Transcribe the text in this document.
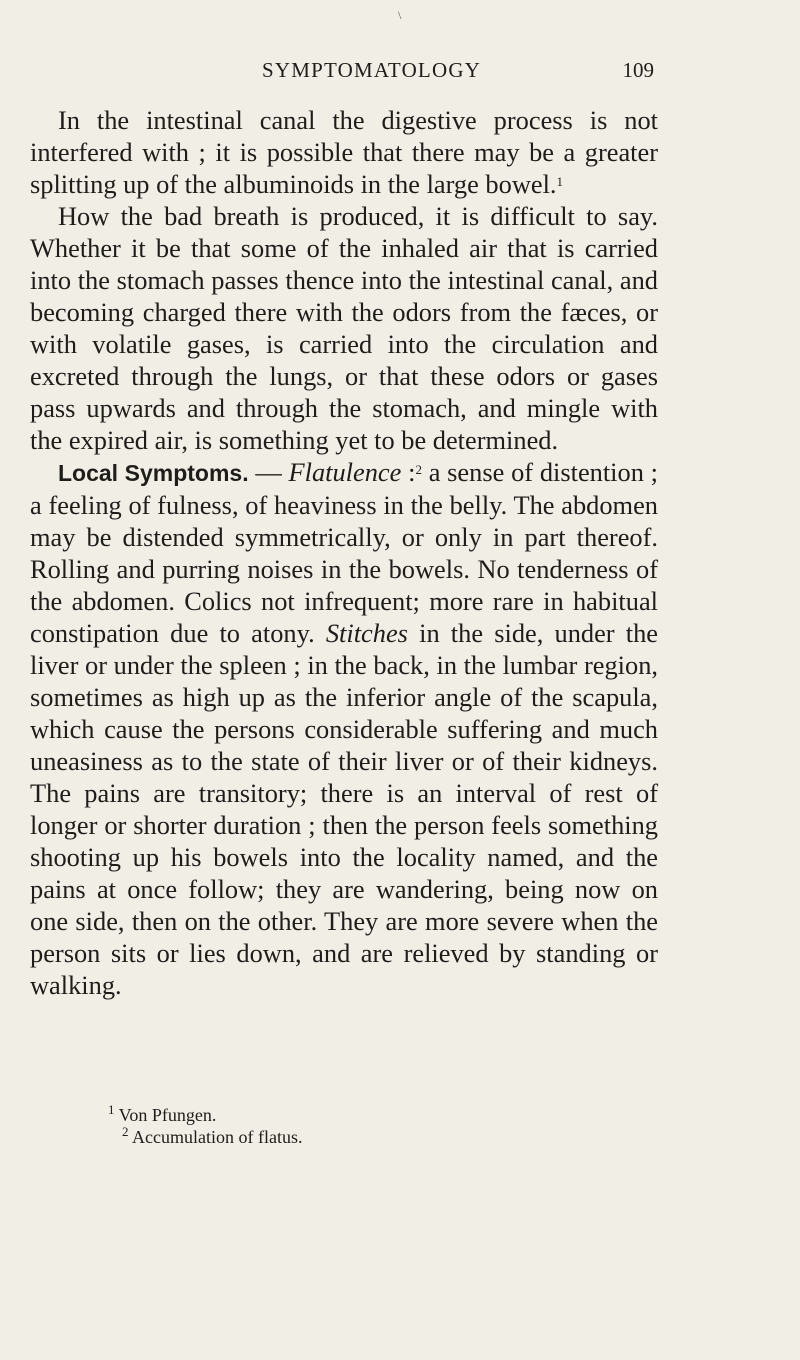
\
SYMPTOMATOLOGY	109

In the intestinal canal the digestive process is not interfered with ; it is possible that there may be a greater splitting up of the albuminoids in the large bowel.$^1$

How the bad breath is produced, it is difficult to say. Whether it be that some of the inhaled air that is carried into the stomach passes thence into the intestinal canal, and becoming charged there with the odors from the fæces, or with volatile gases, is carried into the circulation and excreted through the lungs, or that these odors or gases pass upwards and through the stomach, and mingle with the expired air, is something yet to be determined.

Local Symptoms. — Flatulence :$^2$ a sense of distention ; a feeling of fulness, of heaviness in the belly. The abdomen may be distended symmetrically, or only in part thereof. Rolling and purring noises in the bowels. No tenderness of the abdomen. Colics not infrequent; more rare in habitual constipation due to atony. Stitches in the side, under the liver or under the spleen ; in the back, in the lumbar region, sometimes as high up as the inferior angle of the scapula, which cause the persons considerable suffering and much uneasiness as to the state of their liver or of their kidneys. The pains are transitory; there is an interval of rest of longer or shorter duration ; then the person feels something shooting up his bowels into the locality named, and the pains at once follow; they are wandering, being now on one side, then on the other. They are more severe when the person sits or lies down, and are relieved by standing or walking.

$^1$ Von Pfungen.
$^2$ Accumulation of flatus.
